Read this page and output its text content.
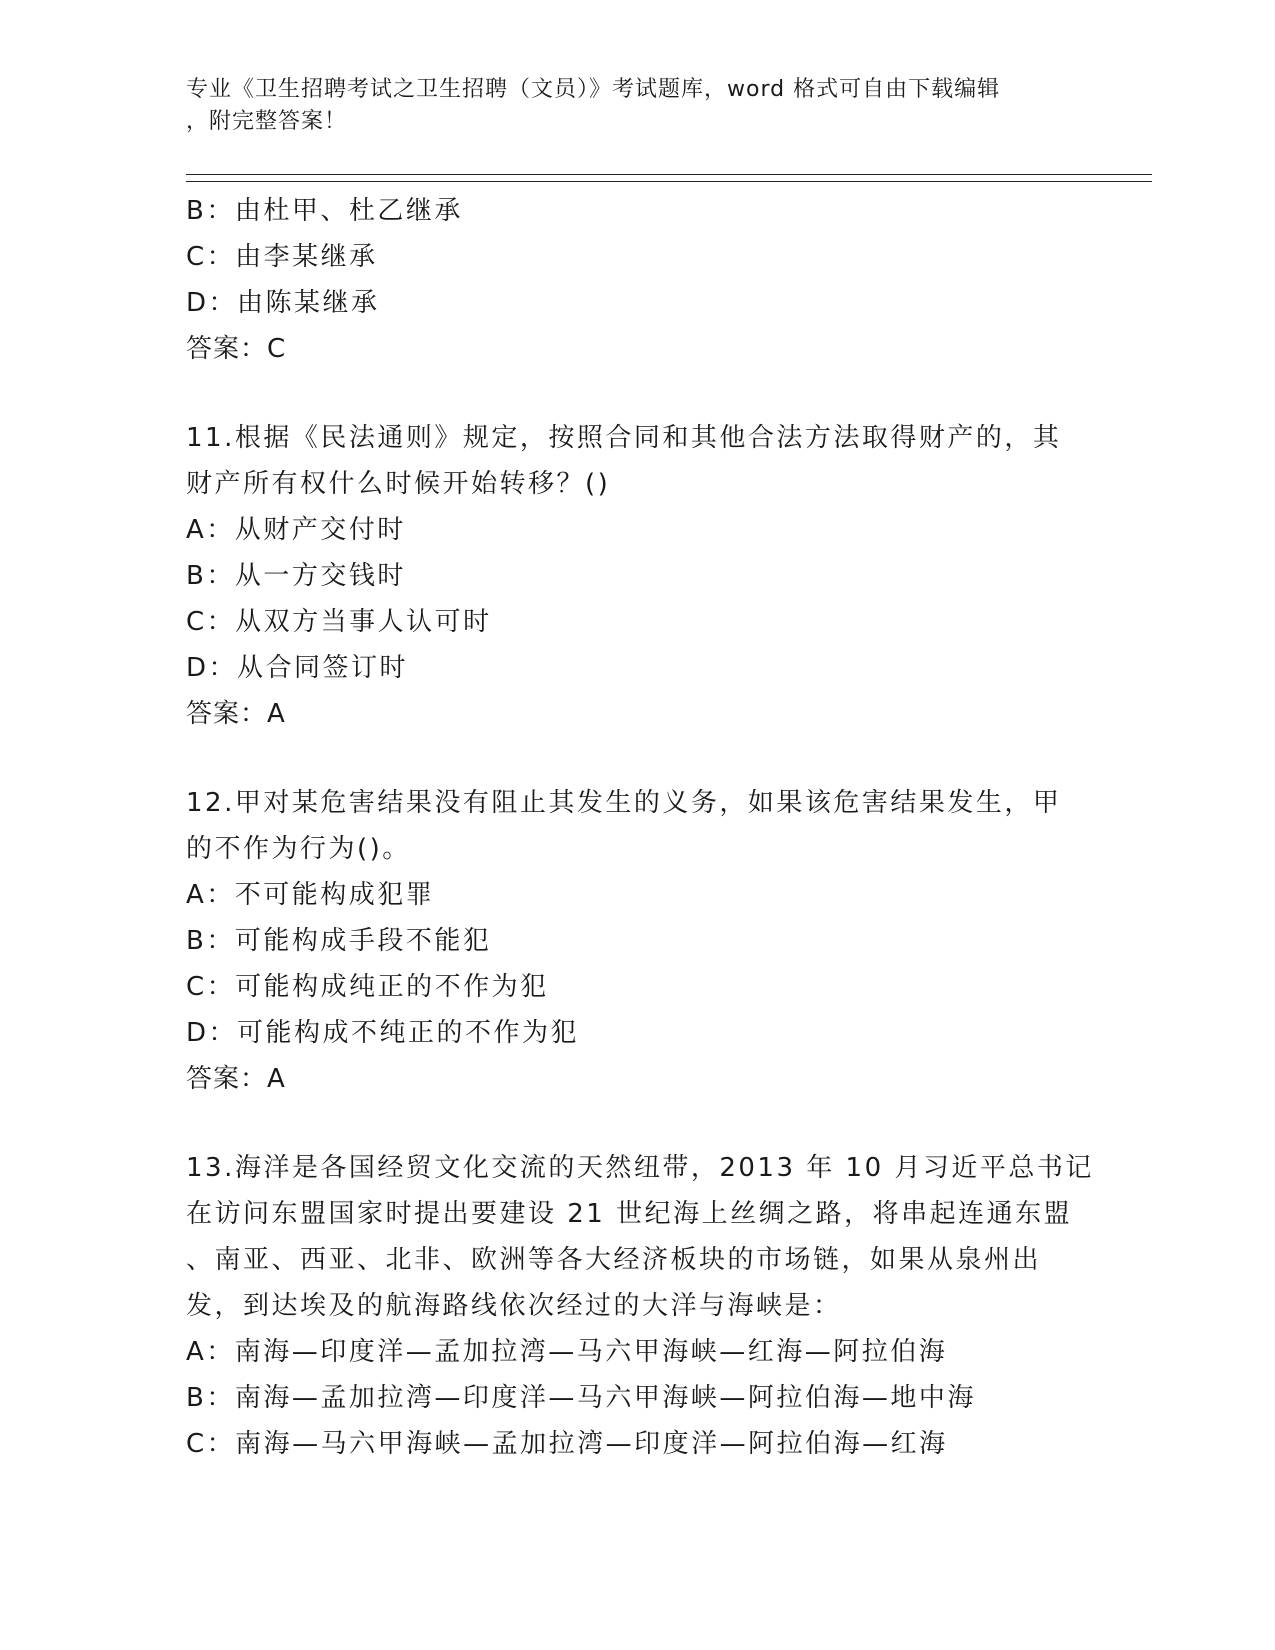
专业《卫生招聘考试之卫生招聘（文员）》考试题库，word 格式可自由下载编辑
，附完整答案！
B：由杜甲、杜乙继承
C：由李某继承
D：由陈某继承
答案：C
11.根据《民法通则》规定，按照合同和其他合法方法取得财产的，其
财产所有权什么时候开始转移？()
A：从财产交付时
B：从一方交钱时
C：从双方当事人认可时
D：从合同签订时
答案：A
12.甲对某危害结果没有阻止其发生的义务，如果该危害结果发生，甲
的不作为行为()。
A：不可能构成犯罪
B：可能构成手段不能犯
C：可能构成纯正的不作为犯
D：可能构成不纯正的不作为犯
答案：A
13.海洋是各国经贸文化交流的天然纽带，2013 年 10 月习近平总书记
在访问东盟国家时提出要建设 21 世纪海上丝绸之路，将串起连通东盟
、南亚、西亚、北非、欧洲等各大经济板块的市场链，如果从泉州出
发，到达埃及的航海路线依次经过的大洋与海峡是：
A：南海—印度洋—孟加拉湾—马六甲海峡—红海—阿拉伯海
B：南海—孟加拉湾—印度洋—马六甲海峡—阿拉伯海—地中海
C：南海—马六甲海峡—孟加拉湾—印度洋—阿拉伯海—红海
